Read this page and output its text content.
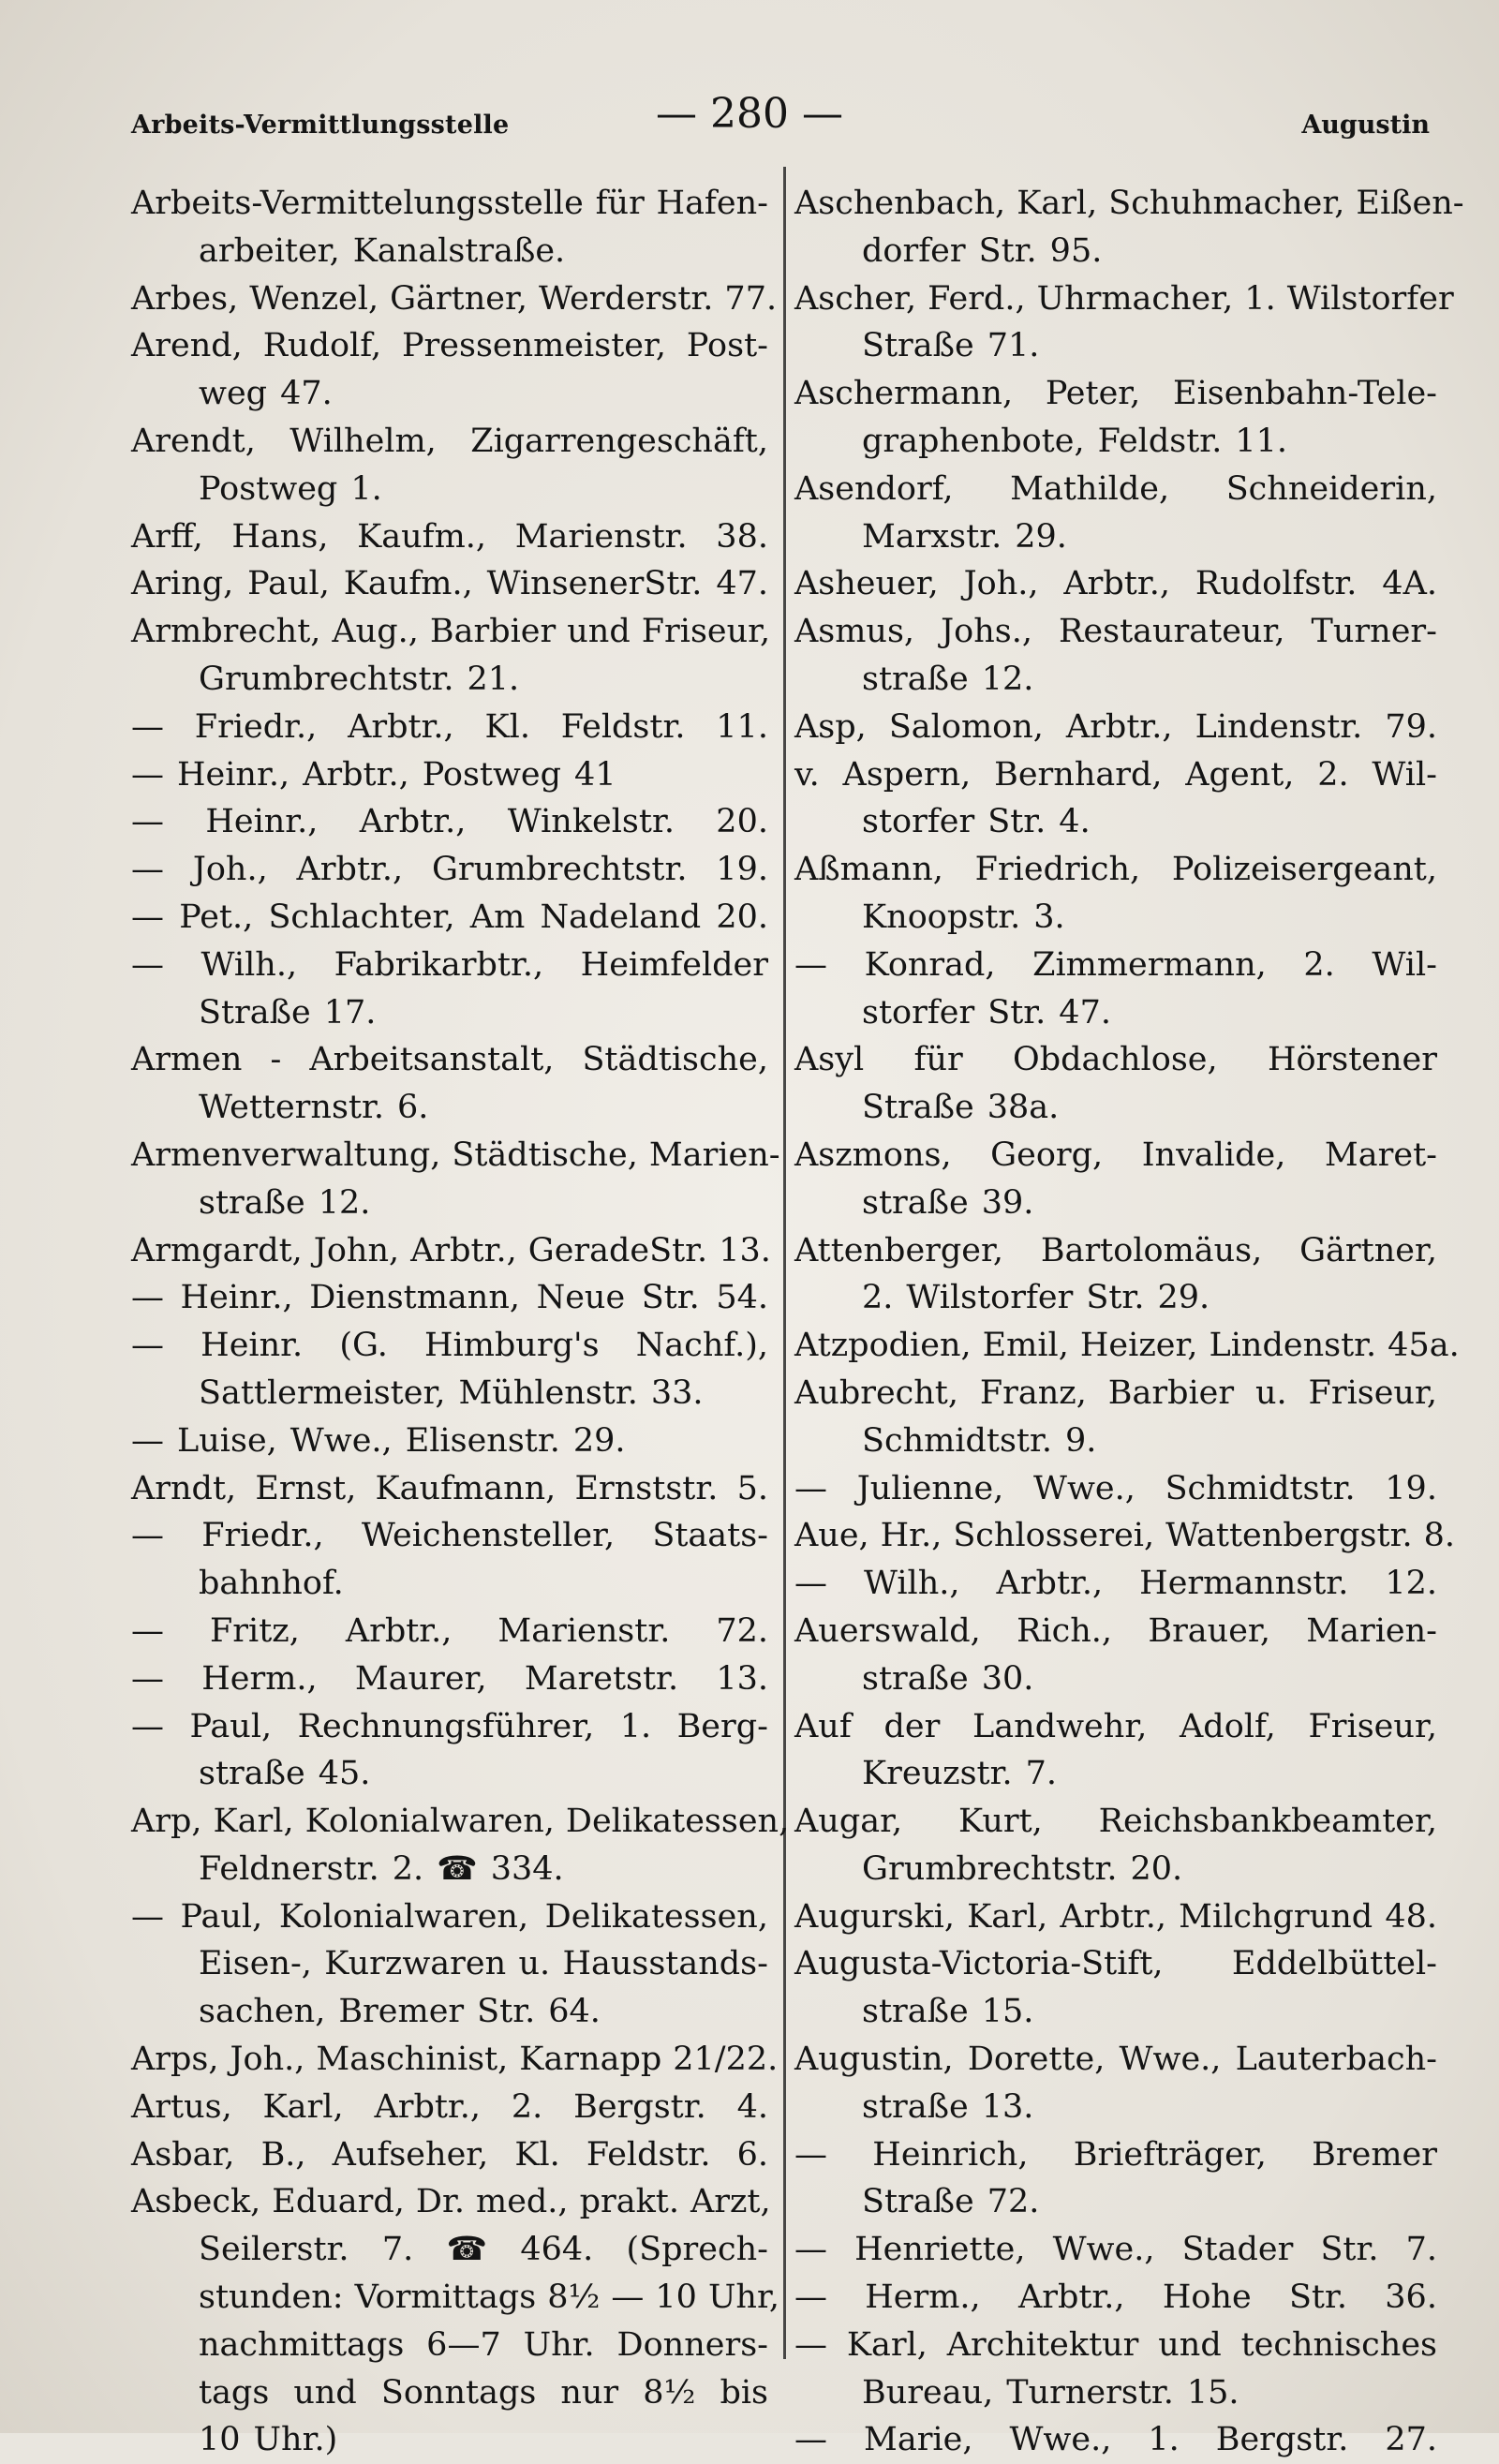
Arbeits-Vermittlungsstelle	— 280 —	Augustin
Arbeits-Vermittelungsstelle für Hafen-
arbeiter, Kanalstraße.
Arbes, Wenzel, Gärtner, Werderstr. 77.
Arend, Rudolf, Pressenmeister, Post-
weg 47.
Arendt, Wilhelm, Zigarrengeschäft,
Postweg 1.
Arff, Hans, Kaufm., Marienstr. 38.
Aring, Paul, Kaufm., WinsenerStr. 47.
Armbrecht, Aug., Barbier und Friseur,
Grumbrechtstr. 21.
— Friedr., Arbtr., Kl. Feldstr. 11.
— Heinr., Arbtr., Postweg 41
— Heinr., Arbtr., Winkelstr. 20.
— Joh., Arbtr., Grumbrechtstr. 19.
— Pet., Schlachter, Am Nadeland 20.
— Wilh., Fabrikarbtr., Heimfelder
Straße 17.
Armen - Arbeitsanstalt, Städtische,
Wetternstr. 6.
Armenverwaltung, Städtische, Marien-
straße 12.
Armgardt, John, Arbtr., GeradeStr. 13.
— Heinr., Dienstmann, Neue Str. 54.
— Heinr. (G. Himburg's Nachf.),
Sattlermeister, Mühlenstr. 33.
— Luise, Wwe., Elisenstr. 29.
Arndt, Ernst, Kaufmann, Ernststr. 5.
— Friedr., Weichensteller, Staats-
bahnhof.
— Fritz, Arbtr., Marienstr. 72.
— Herm., Maurer, Maretstr. 13.
— Paul, Rechnungsführer, 1. Berg-
straße 45.
Arp, Karl, Kolonialwaren, Delikatessen,
Feldnerstr. 2. ☎ 334.
— Paul, Kolonialwaren, Delikatessen,
Eisen-, Kurzwaren u. Hausstands-
sachen, Bremer Str. 64.
Arps, Joh., Maschinist, Karnapp 21/22.
Artus, Karl, Arbtr., 2. Bergstr. 4.
Asbar, B., Aufseher, Kl. Feldstr. 6.
Asbeck, Eduard, Dr. med., prakt. Arzt,
Seilerstr. 7. ☎ 464. (Sprech-
stunden: Vormittags 8½ — 10 Uhr,
nachmittags 6—7 Uhr. Donners-
tags und Sonntags nur 8½ bis
10 Uhr.)
Aschenbach, Karl, Schuhmacher, Eißen-
dorfer Str. 95.
Ascher, Ferd., Uhrmacher, 1. Wilstorfer
Straße 71.
Aschermann, Peter, Eisenbahn-Tele-
graphenbote, Feldstr. 11.
Asendorf, Mathilde, Schneiderin,
Marxstr. 29.
Asheuer, Joh., Arbtr., Rudolfstr. 4A.
Asmus, Johs., Restaurateur, Turner-
straße 12.
Asp, Salomon, Arbtr., Lindenstr. 79.
v. Aspern, Bernhard, Agent, 2. Wil-
storfer Str. 4.
Aßmann, Friedrich, Polizeisergeant,
Knoopstr. 3.
— Konrad, Zimmermann, 2. Wil-
storfer Str. 47.
Asyl für Obdachlose, Hörstener
Straße 38a.
Aszmons, Georg, Invalide, Maret-
straße 39.
Attenberger, Bartolomäus, Gärtner,
2. Wilstorfer Str. 29.
Atzpodien, Emil, Heizer, Lindenstr. 45a.
Aubrecht, Franz, Barbier u. Friseur,
Schmidtstr. 9.
— Julienne, Wwe., Schmidtstr. 19.
Aue, Hr., Schlosserei, Wattenbergstr. 8.
— Wilh., Arbtr., Hermannstr. 12.
Auerswald, Rich., Brauer, Marien-
straße 30.
Auf der Landwehr, Adolf, Friseur,
Kreuzstr. 7.
Augar, Kurt, Reichsbankbeamter,
Grumbrechtstr. 20.
Augurski, Karl, Arbtr., Milchgrund 48.
Augusta-Victoria-Stift, Eddelbüttel-
straße 15.
Augustin, Dorette, Wwe., Lauterbach-
straße 13.
— Heinrich, Briefträger, Bremer
Straße 72.
— Henriette, Wwe., Stader Str. 7.
— Herm., Arbtr., Hohe Str. 36.
— Karl, Architektur und technisches
Bureau, Turnerstr. 15.
— Marie, Wwe., 1. Bergstr. 27.
